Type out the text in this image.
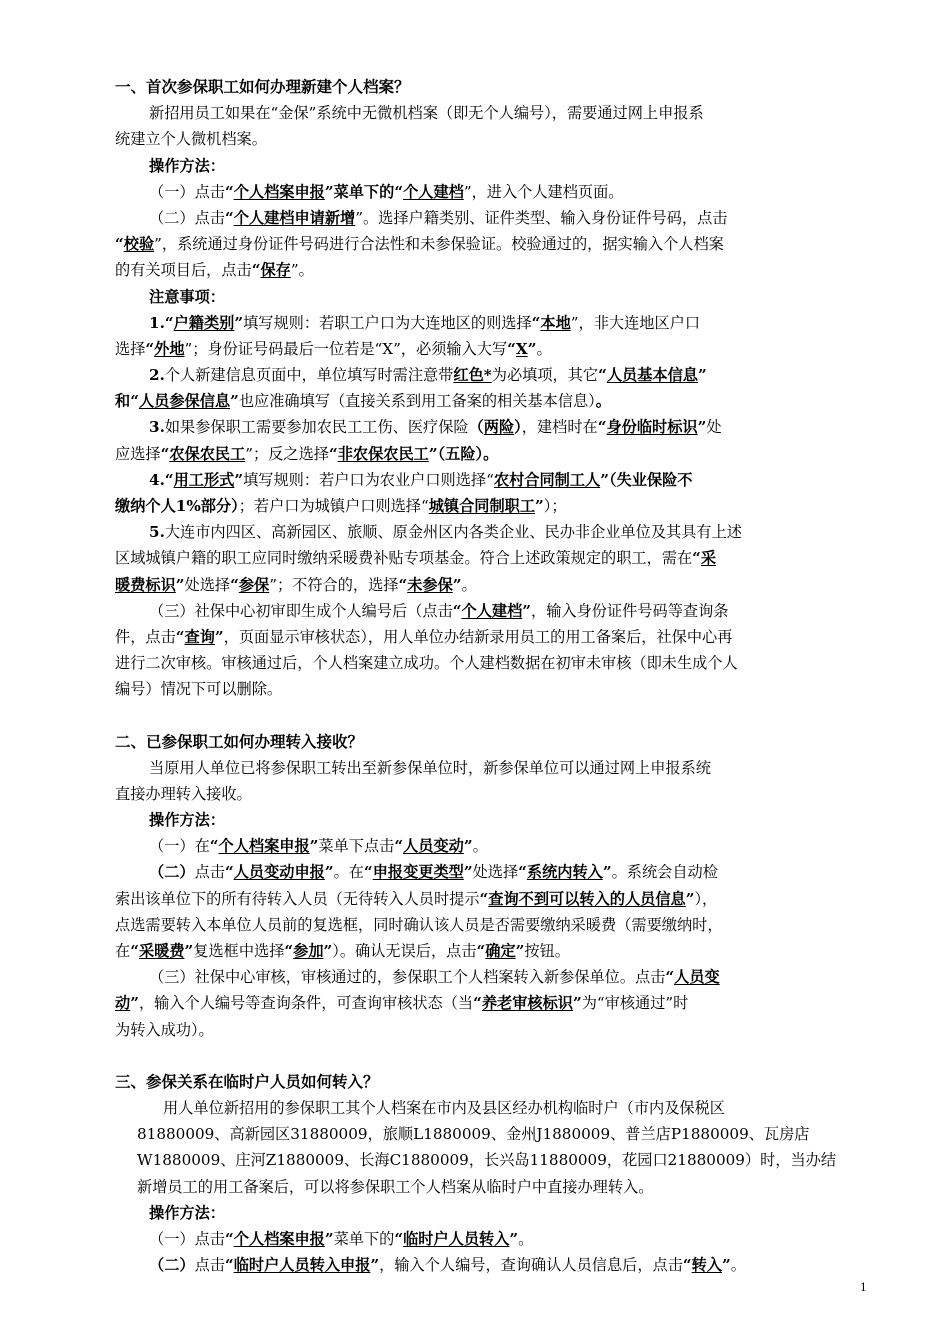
一、首次参保职工如何办理新建个人档案？
新招用员工如果在“金保”系统中无微机档案（即无个人编号），需要通过网上申报系
统建立个人微机档案。
操作方法：
（一）点击“个人档案申报”菜单下的“个人建档”，进入个人建档页面。
（二）点击“个人建档申请新增”。选择户籍类别、证件类型、输入身份证件号码，点击
“校验”，系统通过身份证件号码进行合法性和未参保验证。校验通过的，据实输入个人档案
的有关项目后，点击“保存”。
注意事项：
1.“户籍类别”填写规则：若职工户口为大连地区的则选择“本地”，非大连地区户口
选择“外地”；身份证号码最后一位若是“X”，必须输入大写“X”。
2.个人新建信息页面中，单位填写时需注意带红色*为必填项，其它“人员基本信息”
和“人员参保信息”也应准确填写（直接关系到用工备案的相关基本信息）。
3.如果参保职工需要参加农民工工伤、医疗保险（两险），建档时在“身份临时标识”处
应选择“农保农民工”；反之选择“非农保农民工”（五险）。
4.“用工形式”填写规则：若户口为农业户口则选择“农村合同制工人”（失业保险不
缴纳个人1%部分）；若户口为城镇户口则选择“城镇合同制职工”）；
5.大连市内四区、高新园区、旅顺、原金州区内各类企业、民办非企业单位及其具有上述
区域城镇户籍的职工应同时缴纳采暖费补贴专项基金。符合上述政策规定的职工，需在“采
暖费标识”处选择“参保”；不符合的，选择“未参保”。
（三）社保中心初审即生成个人编号后（点击“个人建档”，输入身份证件号码等查询条
件，点击“查询”，页面显示审核状态），用人单位办结新录用员工的用工备案后，社保中心再
进行二次审核。审核通过后，个人档案建立成功。个人建档数据在初审未审核（即未生成个人
编号）情况下可以删除。
二、已参保职工如何办理转入接收？
当原用人单位已将参保职工转出至新参保单位时，新参保单位可以通过网上申报系统
直接办理转入接收。
操作方法：
（一）在“个人档案申报”菜单下点击“人员变动”。
（二）点击“人员变动申报”。在“申报变更类型”处选择“系统内转入”。系统会自动检
索出该单位下的所有待转入人员（无待转入人员时提示“查询不到可以转入的人员信息”），
点选需要转入本单位人员前的复选框，同时确认该人员是否需要缴纳采暖费（需要缴纳时，
在“采暖费”复选框中选择“参加”）。确认无误后，点击“确定”按钮。
（三）社保中心审核，审核通过的，参保职工个人档案转入新参保单位。点击“人员变
动”，输入个人编号等查询条件，可查询审核状态（当“养老审核标识”为“审核通过”时
为转入成功）。
三、参保关系在临时户人员如何转入？
用人单位新招用的参保职工其个人档案在市内及县区经办机构临时户（市内及保税区
81880009、高新园区31880009，旅顺L1880009、金州J1880009、普兰店P1880009、瓦房店
W1880009、庄河Z1880009、长海C1880009，长兴岛11880009，花园口21880009）时，当办结
新增员工的用工备案后，可以将参保职工个人档案从临时户中直接办理转入。
操作方法：
（一）点击“个人档案申报”菜单下的“临时户人员转入”。
（二）点击“临时户人员转入申报”，输入个人编号，查询确认人员信息后，点击“转入”。
1
